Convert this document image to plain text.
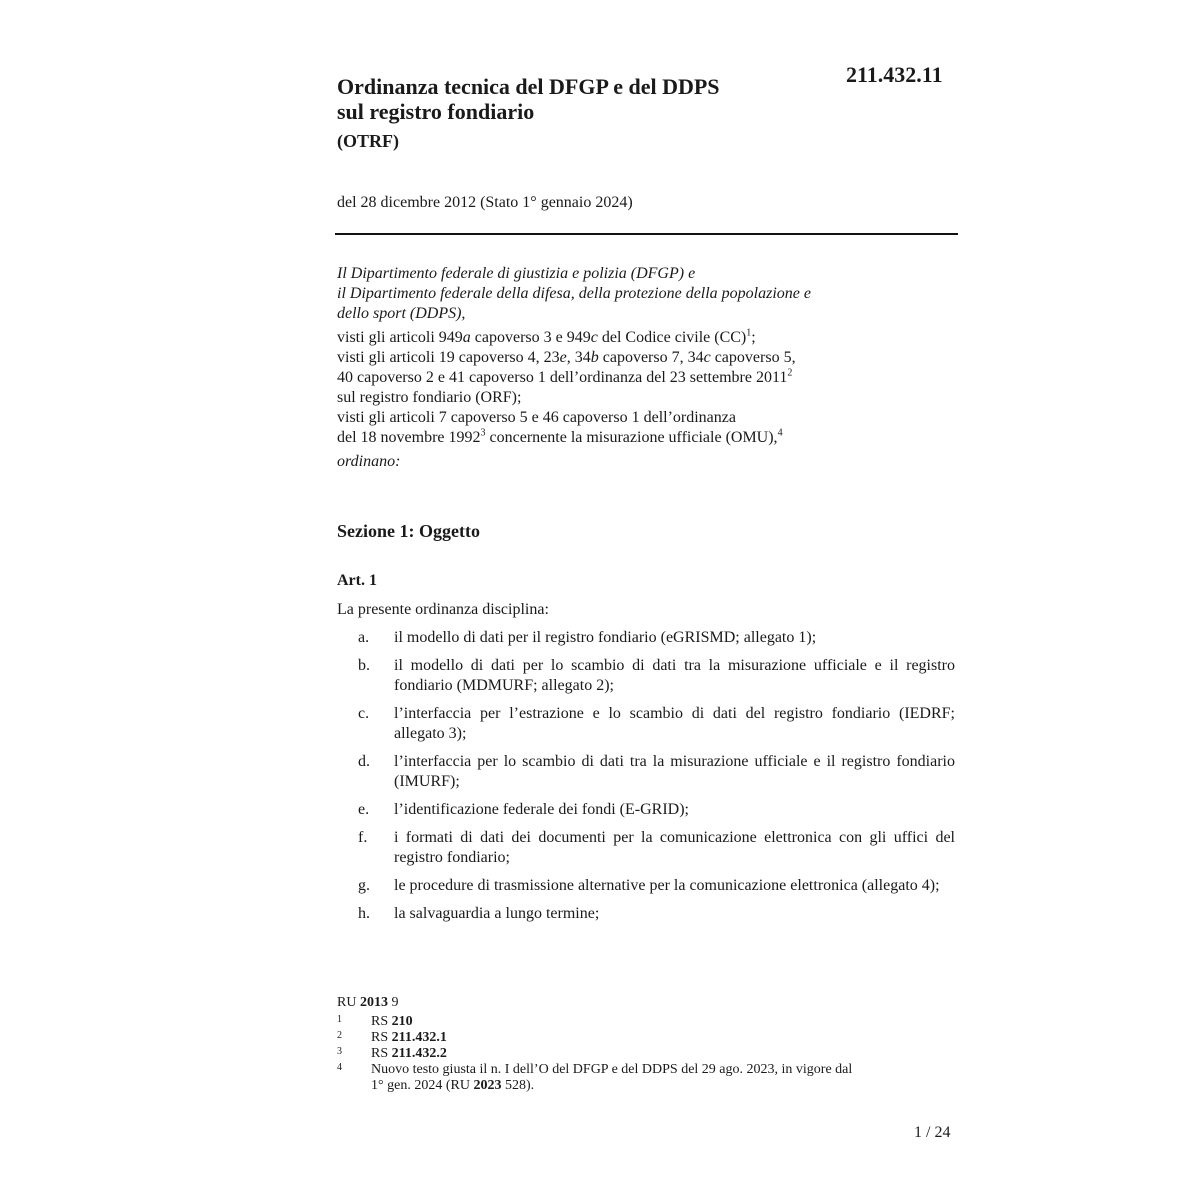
Ordinanza tecnica del DFGP e del DDPS
sul registro fondiario
(OTRF)
211.432.11
del 28 dicembre 2012 (Stato 1° gennaio 2024)
Il Dipartimento federale di giustizia e polizia (DFGP) e
il Dipartimento federale della difesa, della protezione della popolazione e
dello sport (DDPS),
visti gli articoli 949a capoverso 3 e 949c del Codice civile (CC)$^1$;
visti gli articoli 19 capoverso 4, 23e, 34b capoverso 7, 34c capoverso 5,
40 capoverso 2 e 41 capoverso 1 dell’ordinanza del 23 settembre 2011$^2$
sul registro fondiario (ORF);
visti gli articoli 7 capoverso 5 e 46 capoverso 1 dell’ordinanza
del 18 novembre 1992$^3$ concernente la misurazione ufficiale (OMU),$^4$
ordinano:
Sezione 1: Oggetto
Art. 1
La presente ordinanza disciplina:
a.	il modello di dati per il registro fondiario (eGRISMD; allegato 1);
b.	il modello di dati per lo scambio di dati tra la misurazione ufficiale e il registro fondiario (MDMURF; allegato 2);
c.	l’interfaccia per l’estrazione e lo scambio di dati del registro fondiario (IEDRF; allegato 3);
d.	l’interfaccia per lo scambio di dati tra la misurazione ufficiale e il registro fondiario (IMURF);
e.	l’identificazione federale dei fondi (E-GRID);
f.	i formati di dati dei documenti per la comunicazione elettronica con gli uffici del registro fondiario;
g.	le procedure di trasmissione alternative per la comunicazione elettronica (allegato 4);
h.	la salvaguardia a lungo termine;
RU 2013 9
1	RS 210
2	RS 211.432.1
3	RS 211.432.2
4	Nuovo testo giusta il n. I dell’O del DFGP e del DDPS del 29 ago. 2023, in vigore dal
1° gen. 2024 (RU 2023 528).
1 / 24
